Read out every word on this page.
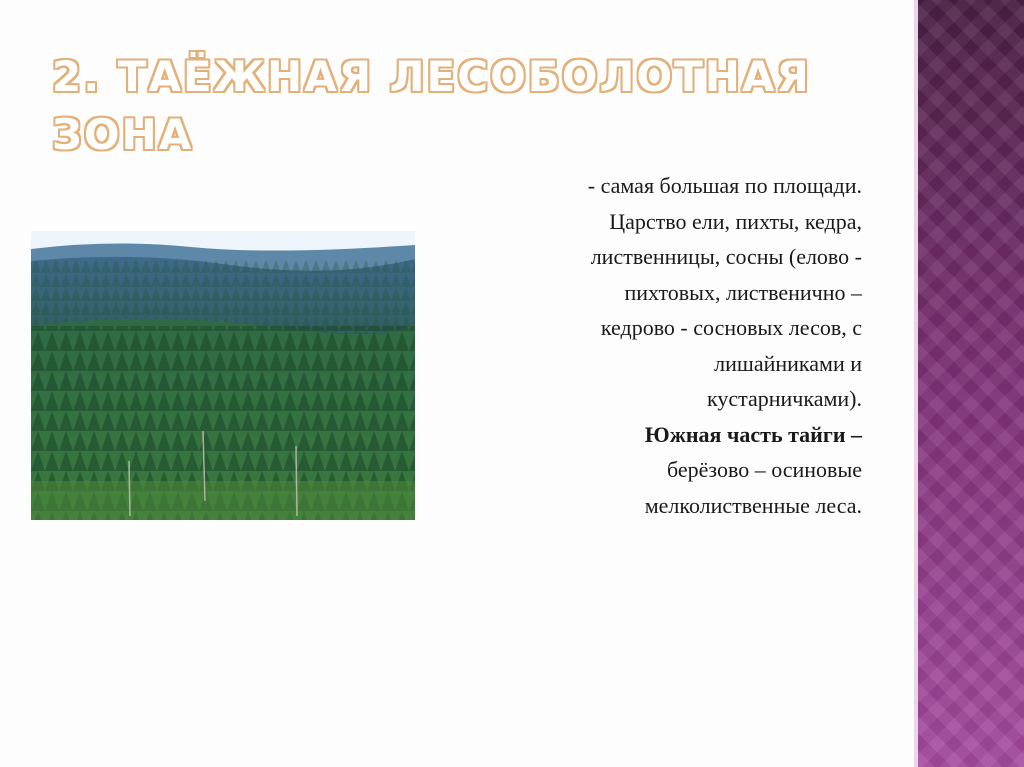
2. ТАЁЖНАЯ ЛЕСОБОЛОТНАЯ ЗОНА

- самая большая по площади.

Царство ели, пихты, кедра,

лиственницы, сосны (елово -

пихтовых, лиственично –

кедрово - сосновых лесов, с

лишайниками и

кустарничками).

Южная часть тайги –

берёзово – осиновые

мелколиственные леса.
